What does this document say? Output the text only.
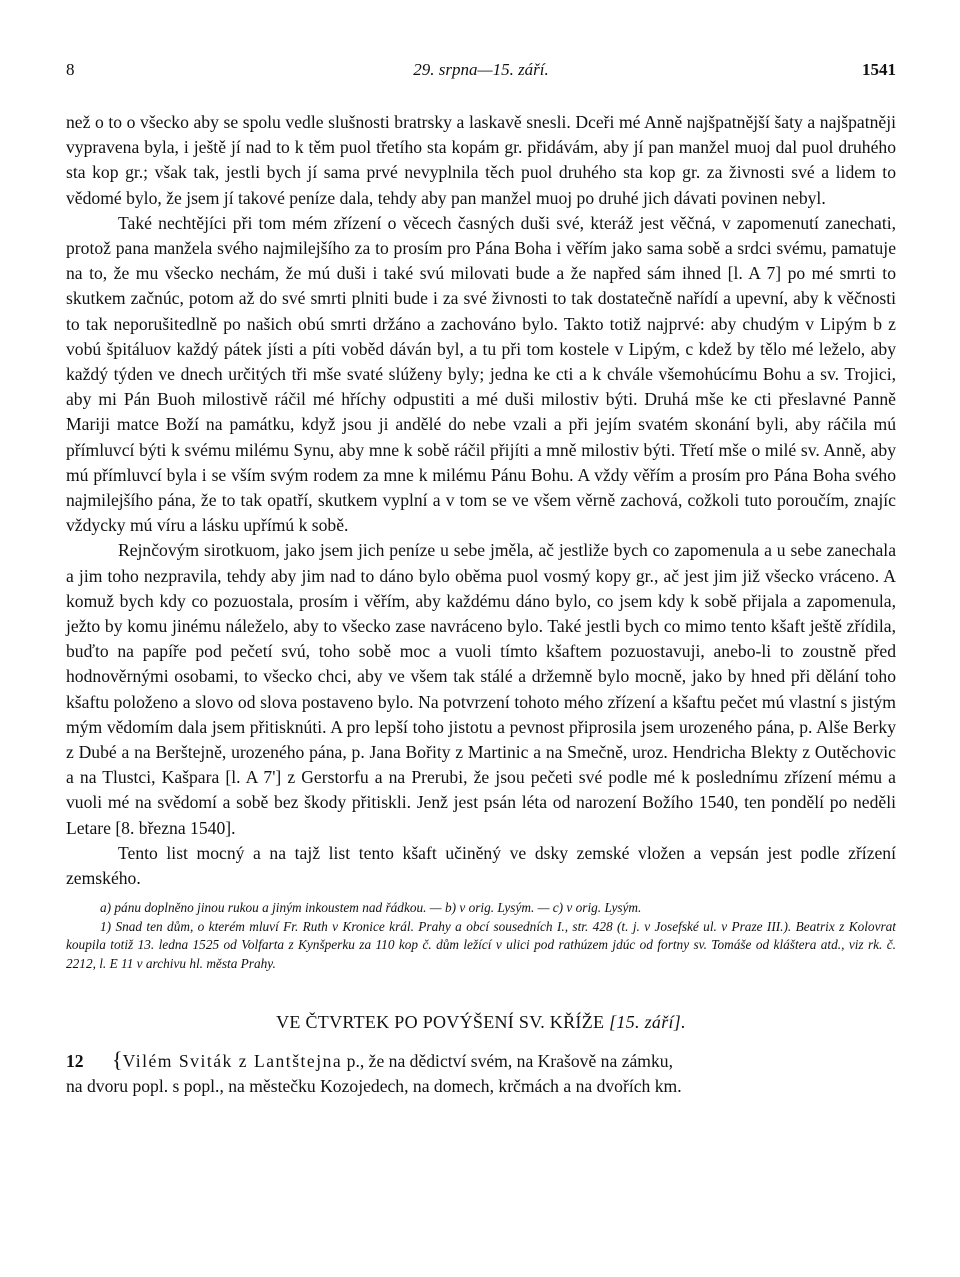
8	29. srpna—15. září.	1541

než o to o všecko aby se spolu vedle slušnosti bratrsky a laskavě snesli. Dceři mé Anně najšpatnější šaty a najšpatněji vypravena byla, i ještě jí nad to k těm puol třetího sta kopám gr. přidávám, aby jí pan manžel muoj dal puol druhého sta kop gr.; však tak, jestli bych jí sama prvé nevyplnila těch puol druhého sta kop gr. za živnosti své a lidem to vědomé bylo, že jsem jí takové peníze dala, tehdy aby pan manžel muoj po druhé jich dávati povinen nebyl.

Také nechtějíci při tom mém zřízení o věcech časných duši své, kteráž jest věčná, v zapomenutí zanechati, protož pana manžela svého najmilejšího za to prosím pro Pána Boha i věřím jako sama sobě a srdci svému, pamatuje na to, že mu všecko nechám, že mú duši i také svú milovati bude a že napřed sám ihned [l. A 7] po mé smrti to skutkem začnúc, potom až do své smrti plniti bude i za své živnosti to tak dostatečně nařídí a upevní, aby k věčnosti to tak neporušitedlně po našich obú smrti držáno a zachováno bylo. Takto totiž najprvé: aby chudým v Lipým b z vobú špitáluov každý pátek jísti a píti voběd dáván byl, a tu při tom kostele v Lipým, c kdež by tělo mé leželo, aby každý týden ve dnech určitých tři mše svaté slúženy byly; jedna ke cti a k chvále všemohúcímu Bohu a sv. Trojici, aby mi Pán Buoh milostivě ráčil mé hříchy odpustiti a mé duši milostiv býti. Druhá mše ke cti přeslavné Panně Mariji matce Boží na památku, když jsou ji andělé do nebe vzali a při jejím svatém skonání byli, aby ráčila mú přímluvcí býti k svému milému Synu, aby mne k sobě ráčil přijíti a mně milostiv býti. Třetí mše o milé sv. Anně, aby mú přímluvcí byla i se vším svým rodem za mne k milému Pánu Bohu. A vždy věřím a prosím pro Pána Boha svého najmilejšího pána, že to tak opatří, skutkem vyplní a v tom se ve všem věrně zachová, cožkoli tuto poroučím, znajíc vždycky mú víru a lásku upřímú k sobě.

Rejnčovým sirotkuom, jako jsem jich peníze u sebe jměla, ač jestliže bych co zapomenula a u sebe zanechala a jim toho nezpravila, tehdy aby jim nad to dáno bylo oběma puol vosmý kopy gr., ač jest jim již všecko vráceno. A komuž bych kdy co pozuostala, prosím i věřím, aby každému dáno bylo, co jsem kdy k sobě přijala a zapomenula, ježto by komu jinému náleželo, aby to všecko zase navráceno bylo. Také jestli bych co mimo tento kšaft ještě zřídila, buďto na papíře pod pečetí svú, toho sobě moc a vuoli tímto kšaftem pozuostavuji, anebo-li to zoustně před hodnověrnými osobami, to všecko chci, aby ve všem tak stálé a držemně bylo mocně, jako by hned při dělání toho kšaftu položeno a slovo od slova postaveno bylo. Na potvrzení tohoto mého zřízení a kšaftu pečet mú vlastní s jistým mým vědomím dala jsem přitisknúti. A pro lepší toho jistotu a pevnost připrosila jsem urozeného pána, p. Alše Berky z Dubé a na Berštejně, urozeného pána, p. Jana Bořity z Martinic a na Smečně, uroz. Hendricha Blekty z Outěchovic a na Tlustci, Kašpara [l. A 7'] z Gerstorfu a na Prerubi, že jsou pečeti své podle mé k poslednímu zřízení mému a vuoli mé na svědomí a sobě bez škody přitiskli. Jenž jest psán léta od narození Božího 1540, ten pondělí po neděli Letare [8. března 1540].

Tento list mocný a na tajž list tento kšaft učiněný ve dsky zemské vložen a vepsán jest podle zřízení zemského.

a) pánu doplněno jinou rukou a jiným inkoustem nad řádkou. — b) v orig. Lysým. — c) v orig. Lysým.

1) Snad ten dům, o kterém mluví Fr. Ruth v Kronice král. Prahy a obcí sousedních I., str. 428 (t. j. v Josefské ul. v Praze III.). Beatrix z Kolovrat koupila totiž 13. ledna 1525 od Volfarta z Kynšperku za 110 kop č. dům ležící v ulici pod rathúzem jdúc od fortny sv. Tomáše od kláštera atd., viz rk. č. 2212, l. E 11 v archivu hl. města Prahy.

VE ČTVRTEK PO POVÝŠENÍ SV. KŘÍŽE [15. září].
12 {Vilém Sviták z Lantštejna p., že na dědictví svém, na Krašově na zámku,
na dvoru popl. s popl., na městečku Kozojedech, na domech, krčmách a na dvořích km.
